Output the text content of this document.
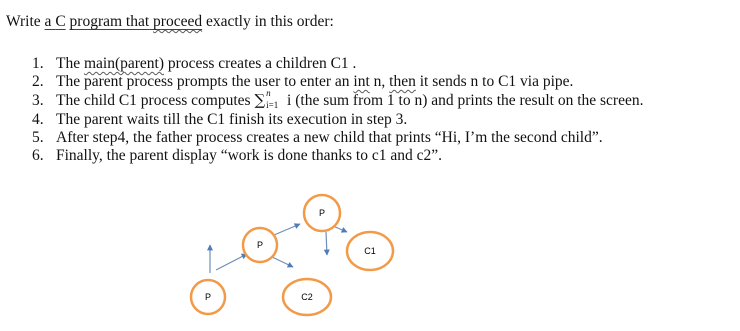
Write a C program that proceed exactly in this order:
1. The main(parent) process creates a children C1 .
2. The parent process prompts the user to enter an int n, then it sends n to C1 via pipe.
3. The child C1 process computes ∑ n
i=1 i (the sum from 1 to n) and prints the result on the screen.
4. The parent waits till the C1 finish its execution in step 3.
5. After step4, the father process creates a new child that prints “Hi, I’m the second child”.
6. Finally, the parent display “work is done thanks to c1 and c2”.
P
P
C1
P	C2
